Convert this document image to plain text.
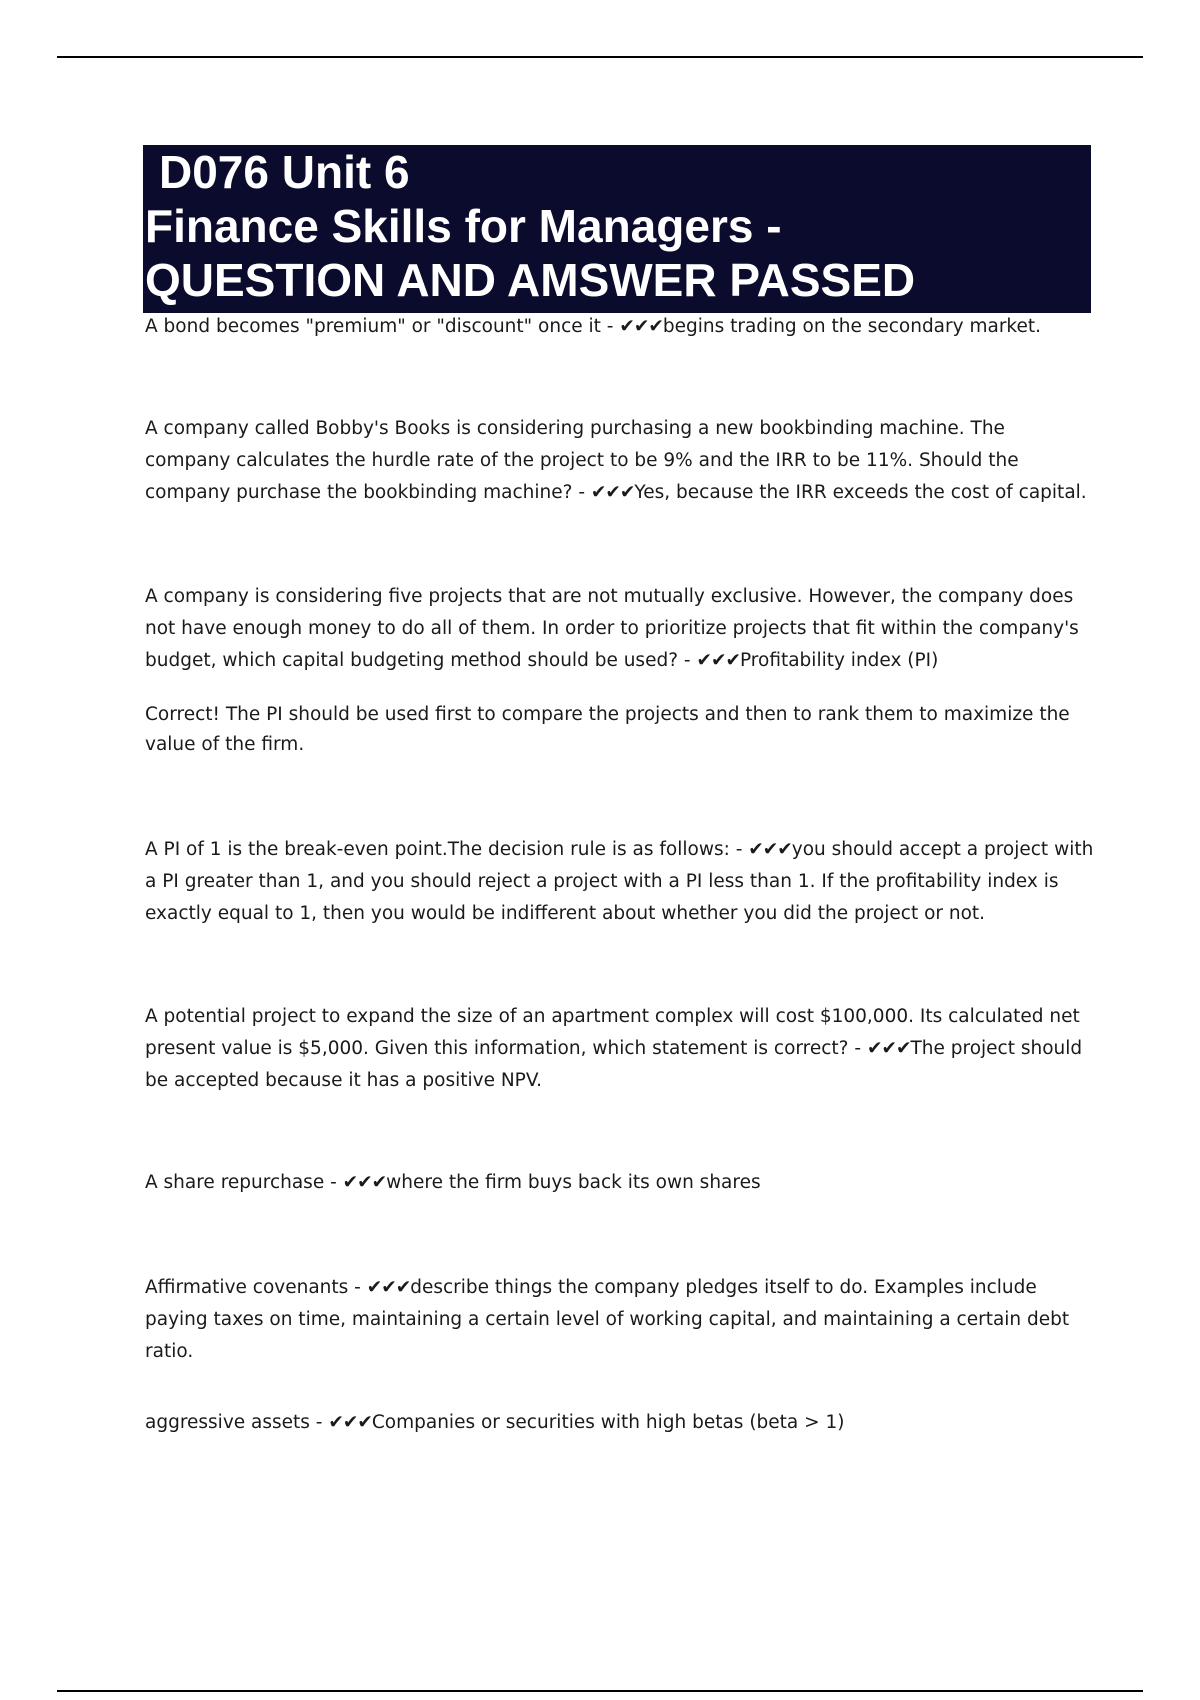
D076 Unit 6
Finance Skills for Managers -
QUESTION AND AMSWER PASSED
A bond becomes "premium" or "discount" once it - ✔✔✔begins trading on the secondary market.
A company called Bobby's Books is considering purchasing a new bookbinding machine. The company calculates the hurdle rate of the project to be 9% and the IRR to be 11%. Should the company purchase the bookbinding machine? - ✔✔✔Yes, because the IRR exceeds the cost of capital.
A company is considering five projects that are not mutually exclusive. However, the company does not have enough money to do all of them. In order to prioritize projects that fit within the company's budget, which capital budgeting method should be used? - ✔✔✔Profitability index (PI)
Correct! The PI should be used first to compare the projects and then to rank them to maximize the value of the firm.
A PI of 1 is the break-even point.The decision rule is as follows: - ✔✔✔you should accept a project with a PI greater than 1, and you should reject a project with a PI less than 1. If the profitability index is exactly equal to 1, then you would be indifferent about whether you did the project or not.
A potential project to expand the size of an apartment complex will cost $100,000. Its calculated net present value is $5,000. Given this information, which statement is correct? - ✔✔✔The project should be accepted because it has a positive NPV.
A share repurchase - ✔✔✔where the firm buys back its own shares
Affirmative covenants - ✔✔✔describe things the company pledges itself to do. Examples include paying taxes on time, maintaining a certain level of working capital, and maintaining a certain debt ratio.
aggressive assets - ✔✔✔Companies or securities with high betas (beta > 1)
